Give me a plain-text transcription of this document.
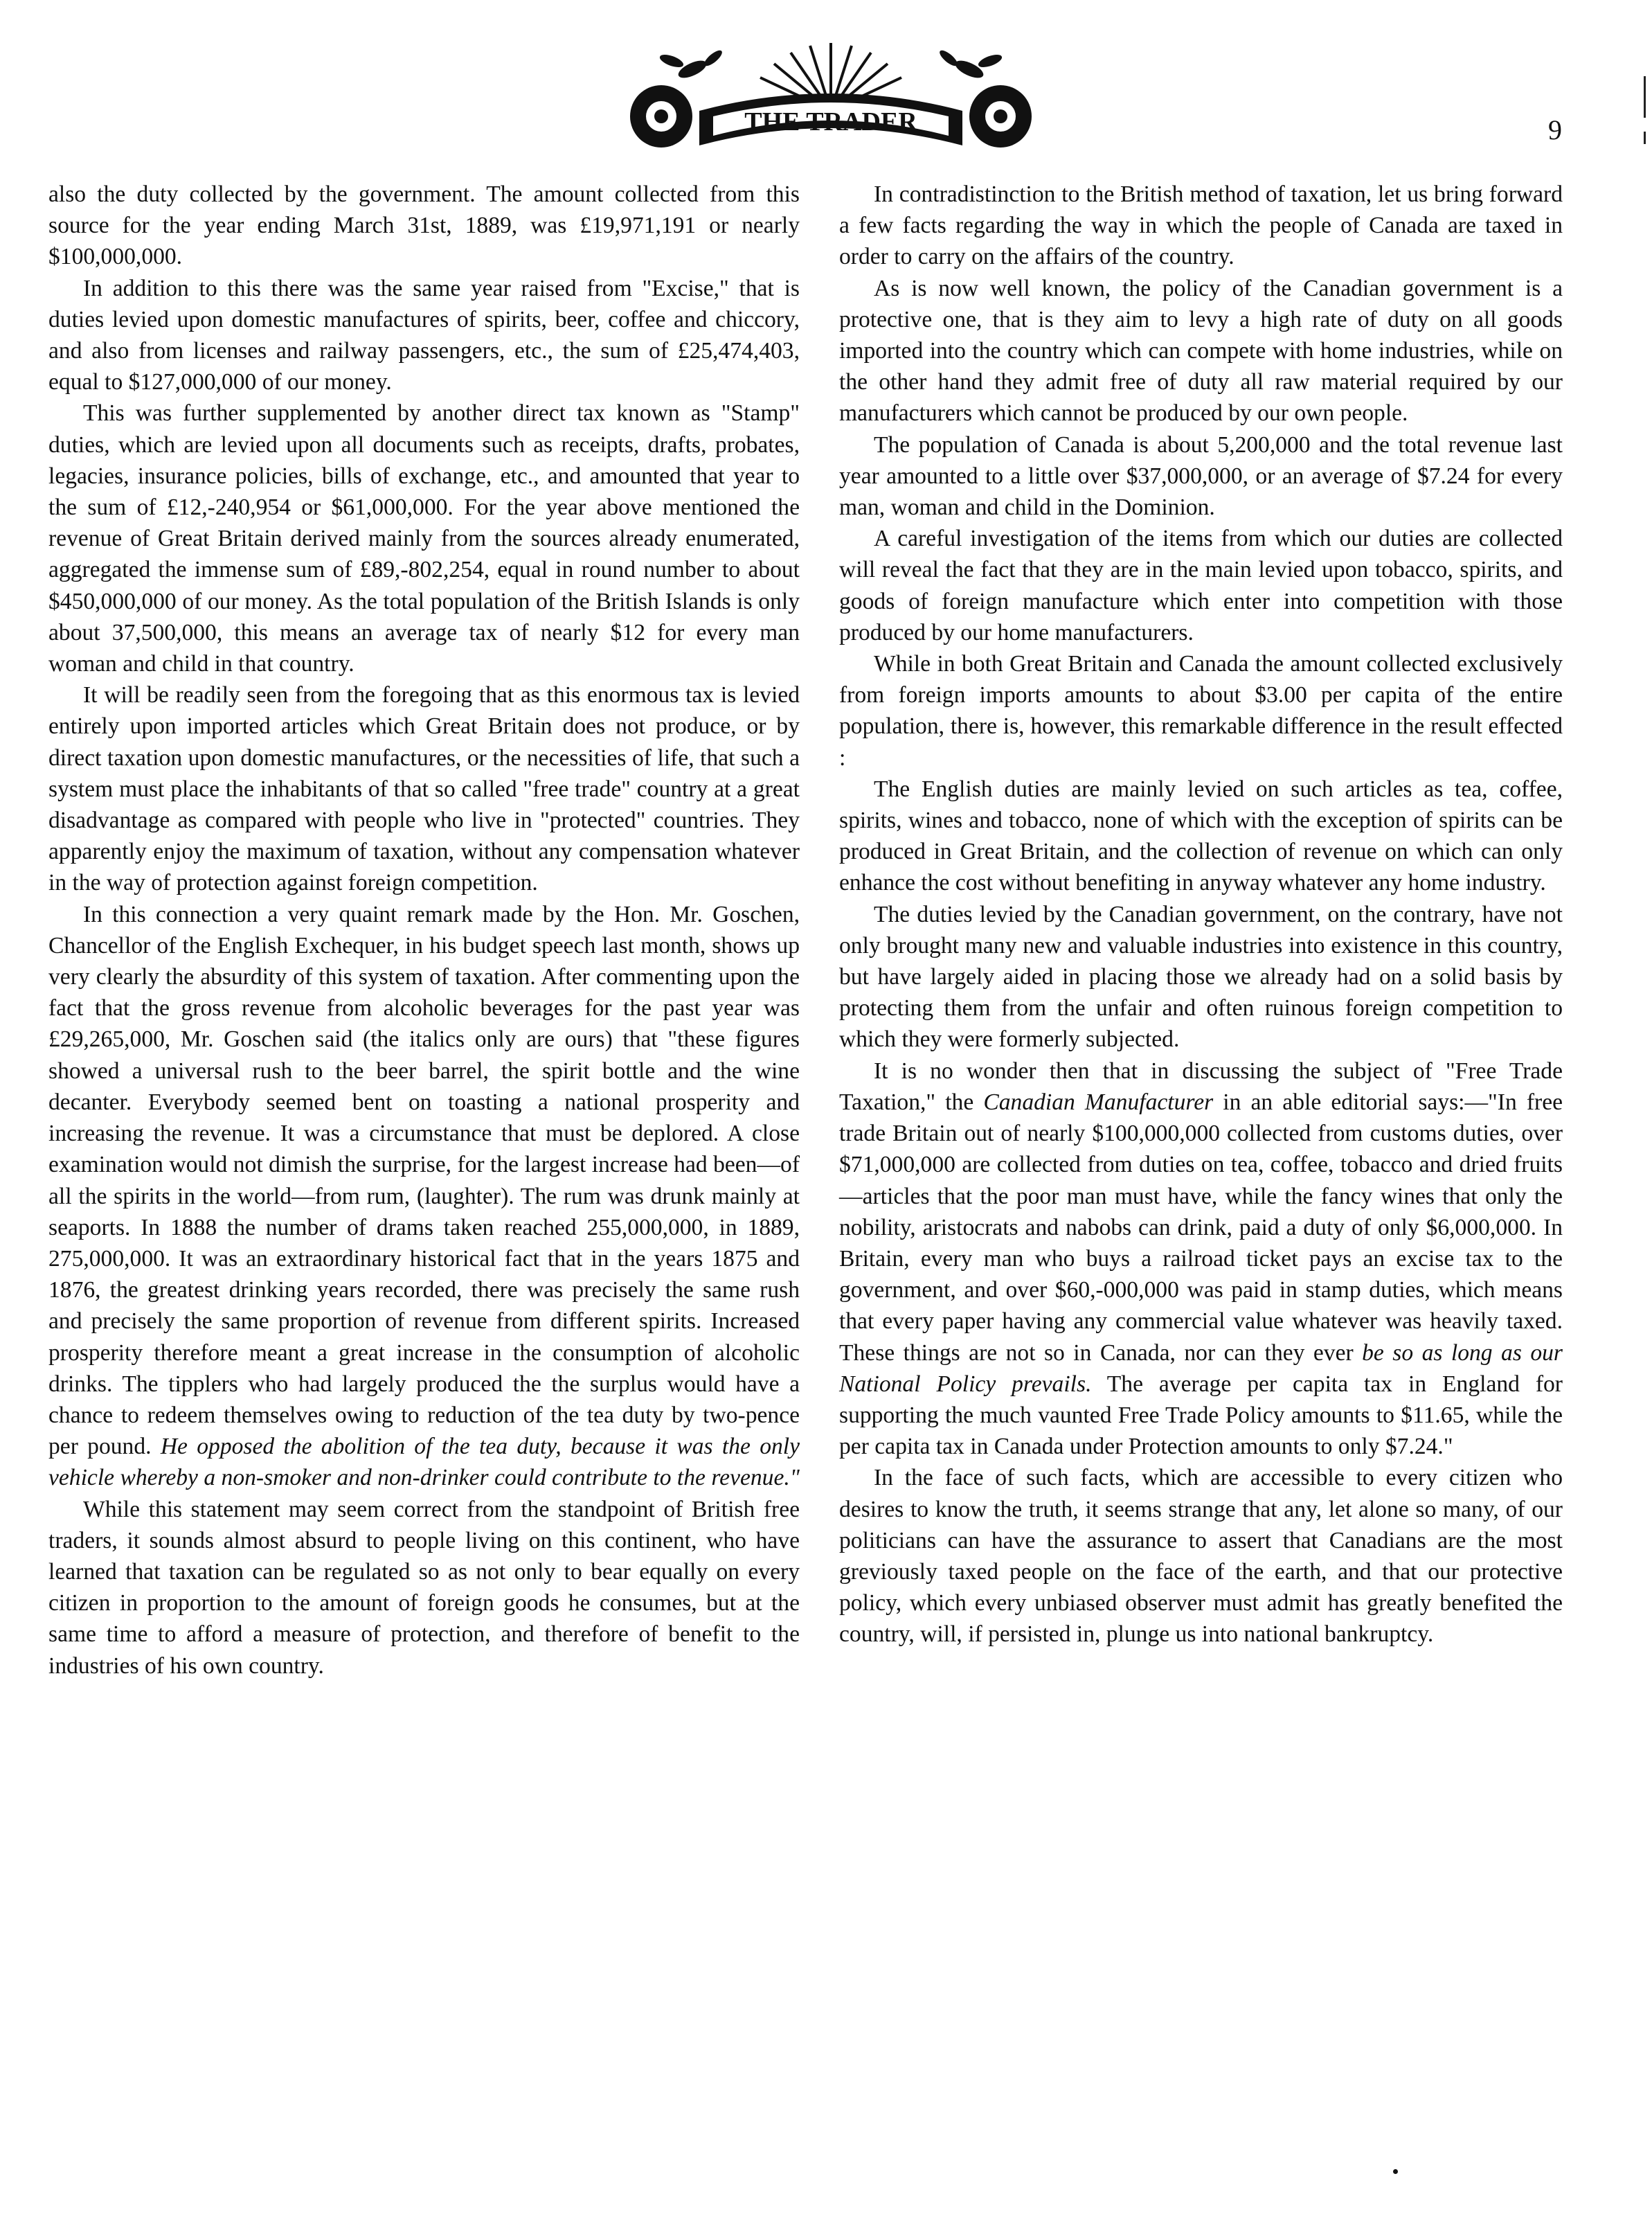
THE TRADER	9

also the duty collected by the government. The amount collected from this source for the year ending March 31st, 1889, was £19,971,191 or nearly $100,000,000.

In addition to this there was the same year raised from "Excise," that is duties levied upon domestic manufactures of spirits, beer, coffee and chiccory, and also from licenses and railway passengers, etc., the sum of £25,474,403, equal to $127,000,000 of our money.

This was further supplemented by another direct tax known as "Stamp" duties, which are levied upon all documents such as receipts, drafts, probates, legacies, insurance policies, bills of exchange, etc., and amounted that year to the sum of £12,-240,954 or $61,000,000. For the year above mentioned the revenue of Great Britain derived mainly from the sources already enumerated, aggregated the immense sum of £89,-802,254, equal in round number to about $450,000,000 of our money. As the total population of the British Islands is only about 37,500,000, this means an average tax of nearly $12 for every man woman and child in that country.

It will be readily seen from the foregoing that as this enormous tax is levied entirely upon imported articles which Great Britain does not produce, or by direct taxation upon domestic manufactures, or the necessities of life, that such a system must place the inhabitants of that so called "free trade" country at a great disadvantage as compared with people who live in "protected" countries. They apparently enjoy the maximum of taxation, without any compensation whatever in the way of protection against foreign competition.

In this connection a very quaint remark made by the Hon. Mr. Goschen, Chancellor of the English Exchequer, in his budget speech last month, shows up very clearly the absurdity of this system of taxation. After commenting upon the fact that the gross revenue from alcoholic beverages for the past year was £29,265,000, Mr. Goschen said (the italics only are ours) that "these figures showed a universal rush to the beer barrel, the spirit bottle and the wine decanter. Everybody seemed bent on toasting a national prosperity and increasing the revenue. It was a circumstance that must be deplored. A close examination would not dimish the surprise, for the largest increase had been—of all the spirits in the world—from rum, (laughter). The rum was drunk mainly at seaports. In 1888 the number of drams taken reached 255,000,000, in 1889, 275,000,000. It was an extraordinary historical fact that in the years 1875 and 1876, the greatest drinking years recorded, there was precisely the same rush and precisely the same proportion of revenue from different spirits. Increased prosperity therefore meant a great increase in the consumption of alcoholic drinks. The tipplers who had largely produced the the surplus would have a chance to redeem themselves owing to reduction of the tea duty by two-pence per pound. He opposed the abolition of the tea duty, because it was the only vehicle whereby a non-smoker and non-drinker could contribute to the revenue."

While this statement may seem correct from the standpoint of British free traders, it sounds almost absurd to people living on this continent, who have learned that taxation can be regulated so as not only to bear equally on every citizen in proportion to the amount of foreign goods he consumes, but at the same time to afford a measure of protection, and therefore of benefit to the industries of his own country.

In contradistinction to the British method of taxation, let us bring forward a few facts regarding the way in which the people of Canada are taxed in order to carry on the affairs of the country.

As is now well known, the policy of the Canadian government is a protective one, that is they aim to levy a high rate of duty on all goods imported into the country which can compete with home industries, while on the other hand they admit free of duty all raw material required by our manufacturers which cannot be produced by our own people.

The population of Canada is about 5,200,000 and the total revenue last year amounted to a little over $37,000,000, or an average of $7.24 for every man, woman and child in the Dominion.

A careful investigation of the items from which our duties are collected will reveal the fact that they are in the main levied upon tobacco, spirits, and goods of foreign manufacture which enter into competition with those produced by our home manufacturers.

While in both Great Britain and Canada the amount collected exclusively from foreign imports amounts to about $3.00 per capita of the entire population, there is, however, this remarkable difference in the result effected :

The English duties are mainly levied on such articles as tea, coffee, spirits, wines and tobacco, none of which with the exception of spirits can be produced in Great Britain, and the collection of revenue on which can only enhance the cost without benefiting in anyway whatever any home industry.

The duties levied by the Canadian government, on the contrary, have not only brought many new and valuable industries into existence in this country, but have largely aided in placing those we already had on a solid basis by protecting them from the unfair and often ruinous foreign competition to which they were formerly subjected.

It is no wonder then that in discussing the subject of "Free Trade Taxation," the Canadian Manufacturer in an able editorial says:—"In free trade Britain out of nearly $100,000,000 collected from customs duties, over $71,000,000 are collected from duties on tea, coffee, tobacco and dried fruits—articles that the poor man must have, while the fancy wines that only the nobility, aristocrats and nabobs can drink, paid a duty of only $6,000,000. In Britain, every man who buys a railroad ticket pays an excise tax to the government, and over $60,-000,000 was paid in stamp duties, which means that every paper having any commercial value whatever was heavily taxed. These things are not so in Canada, nor can they ever be so as long as our National Policy prevails. The average per capita tax in England for supporting the much vaunted Free Trade Policy amounts to $11.65, while the per capita tax in Canada under Protection amounts to only $7.24."

In the face of such facts, which are accessible to every citizen who desires to know the truth, it seems strange that any, let alone so many, of our politicians can have the assurance to assert that Canadians are the most greviously taxed people on the face of the earth, and that our protective policy, which every unbiased observer must admit has greatly benefited the country, will, if persisted in, plunge us into national bankruptcy.
